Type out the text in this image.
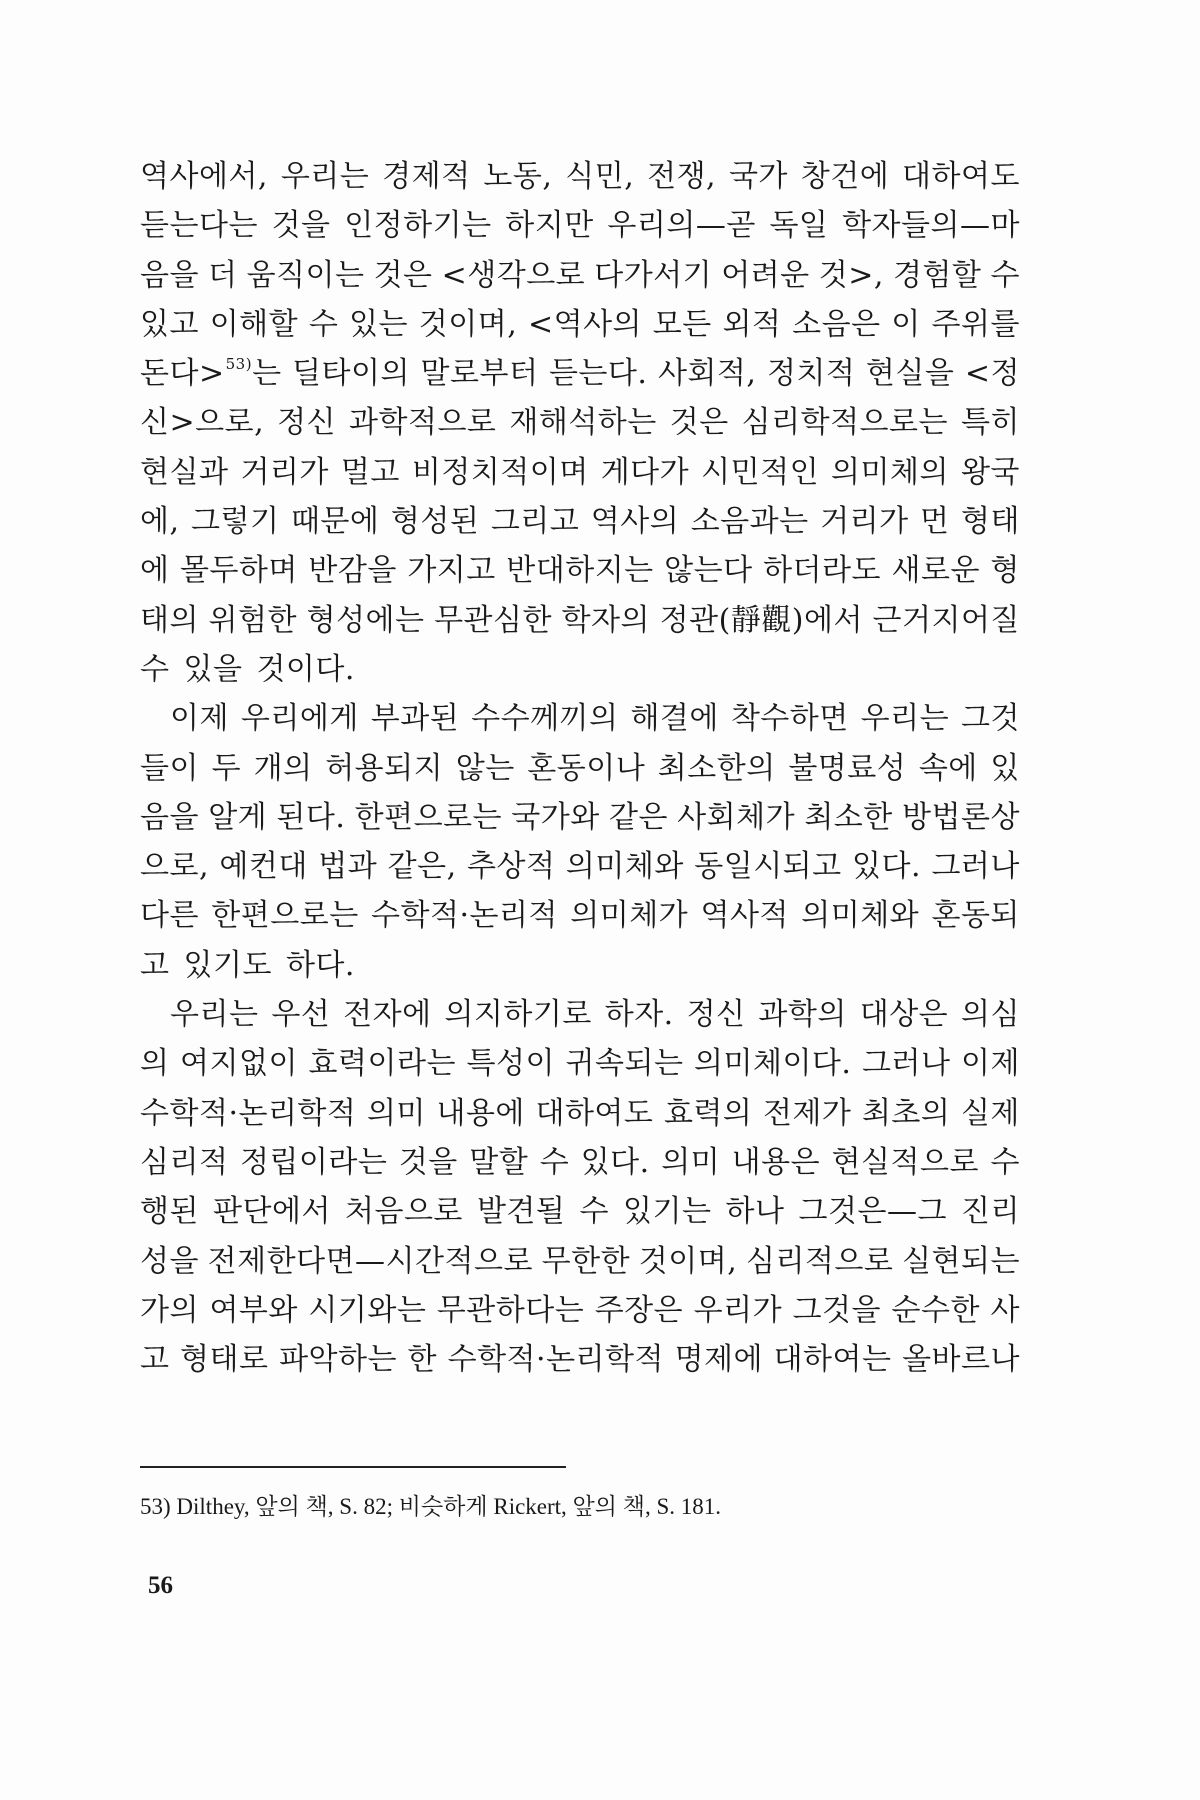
역사에서, 우리는 경제적 노동, 식민, 전쟁, 국가 창건에 대하여도
듣는다는 것을 인정하기는 하지만 우리의—곧 독일 학자들의—마
음을 더 움직이는 것은 <생각으로 다가서기 어려운 것>, 경험할 수
있고 이해할 수 있는 것이며, <역사의 모든 외적 소음은 이 주위를
돈다>$^{53)}$는 딜타이의 말로부터 듣는다. 사회적, 정치적 현실을 <정
신>으로, 정신 과학적으로 재해석하는 것은 심리학적으로는 특히
현실과 거리가 멀고 비정치적이며 게다가 시민적인 의미체의 왕국
에, 그렇기 때문에 형성된 그리고 역사의 소음과는 거리가 먼 형태
에 몰두하며 반감을 가지고 반대하지는 않는다 하더라도 새로운 형
태의 위험한 형성에는 무관심한 학자의 정관(靜觀)에서 근거지어질
수 있을 것이다.
이제 우리에게 부과된 수수께끼의 해결에 착수하면 우리는 그것
들이 두 개의 허용되지 않는 혼동이나 최소한의 불명료성 속에 있
음을 알게 된다. 한편으로는 국가와 같은 사회체가 최소한 방법론상
으로, 예컨대 법과 같은, 추상적 의미체와 동일시되고 있다. 그러나
다른 한편으로는 수학적·논리적 의미체가 역사적 의미체와 혼동되
고 있기도 하다.
우리는 우선 전자에 의지하기로 하자. 정신 과학의 대상은 의심
의 여지없이 효력이라는 특성이 귀속되는 의미체이다. 그러나 이제
수학적·논리학적 의미 내용에 대하여도 효력의 전제가 최초의 실제
심리적 정립이라는 것을 말할 수 있다. 의미 내용은 현실적으로 수
행된 판단에서 처음으로 발견될 수 있기는 하나 그것은—그 진리
성을 전제한다면—시간적으로 무한한 것이며, 심리적으로 실현되는
가의 여부와 시기와는 무관하다는 주장은 우리가 그것을 순수한 사
고 형태로 파악하는 한 수학적·논리학적 명제에 대하여는 올바르나
53) Dilthey, 앞의 책, S. 82; 비슷하게 Rickert, 앞의 책, S. 181.
56
